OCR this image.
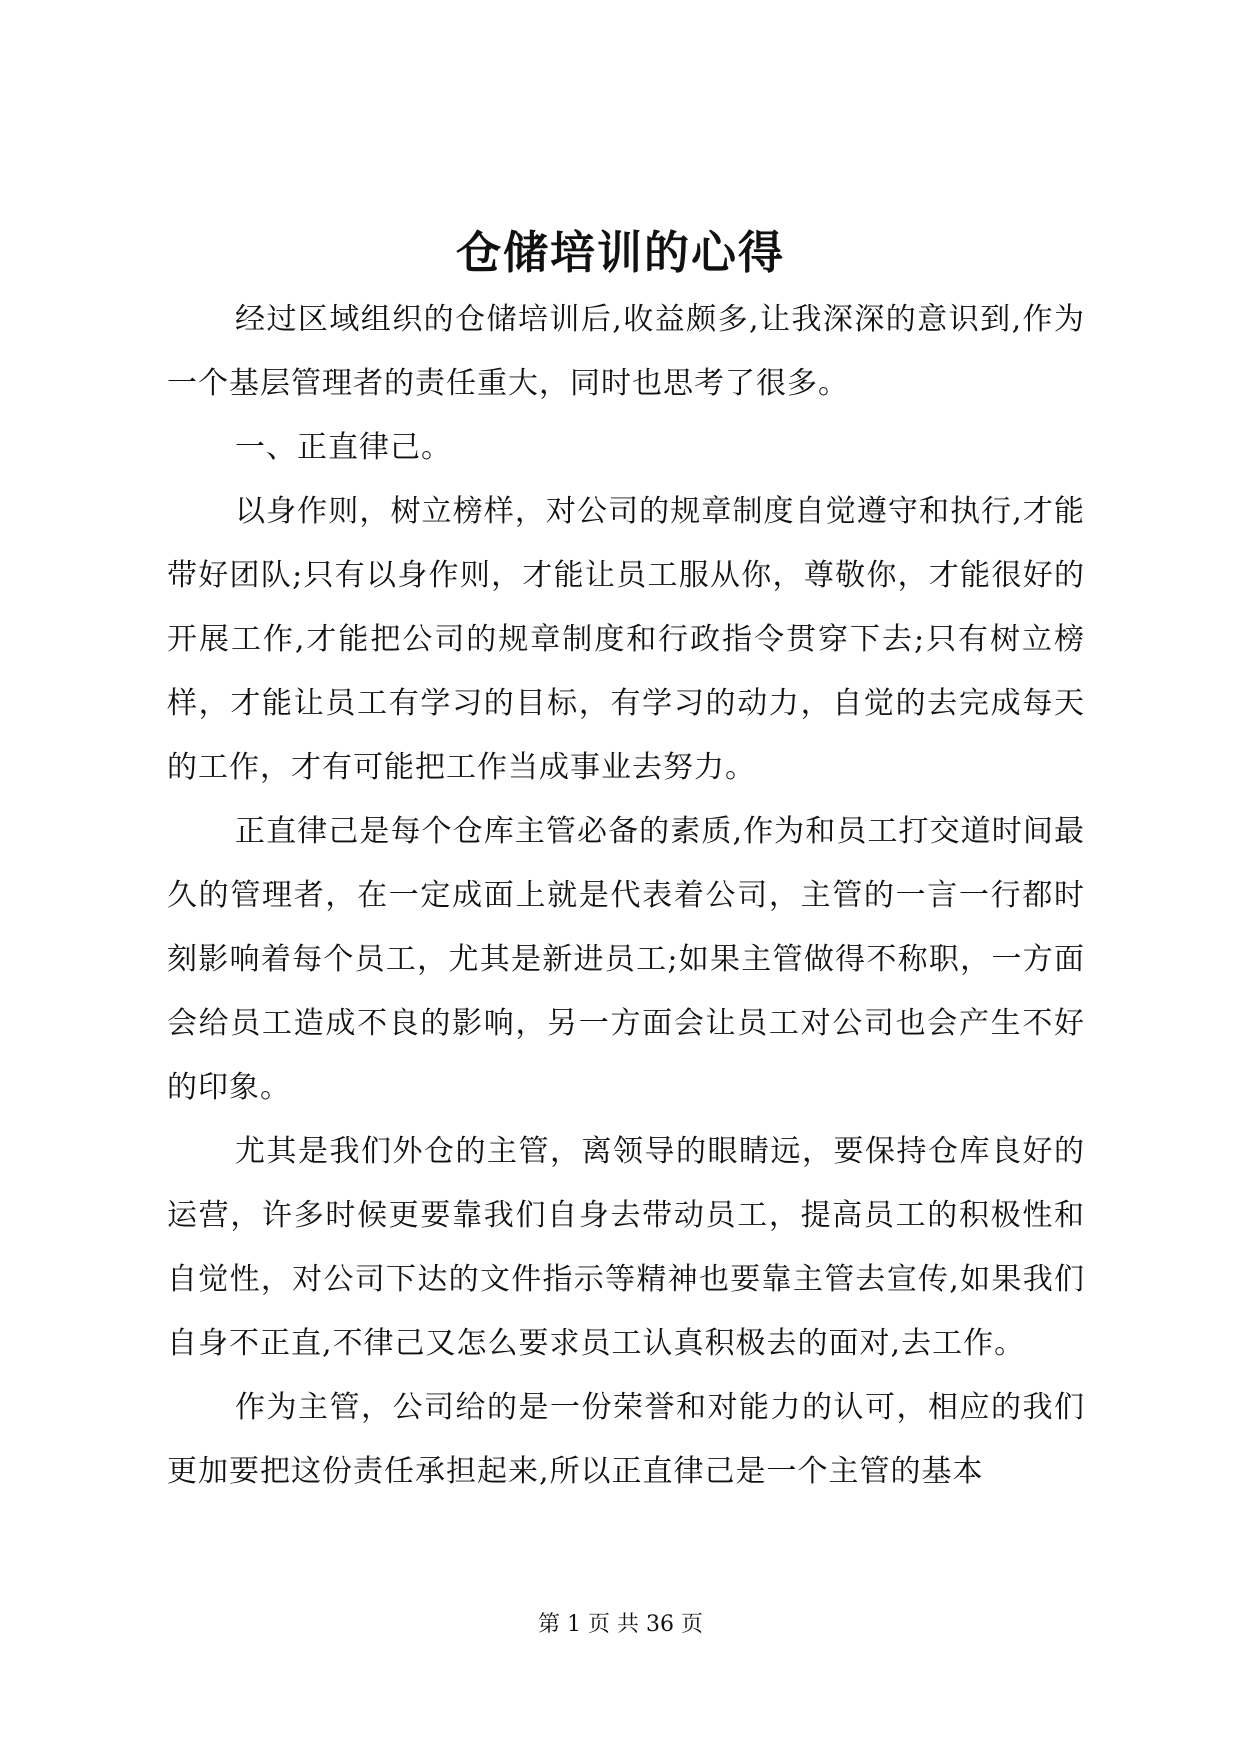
仓储培训的心得

经过区域组织的仓储培训后,收益颇多,让我深深的意识到,作为一个基层管理者的责任重大，同时也思考了很多。

一、正直律己。

以身作则，树立榜样，对公司的规章制度自觉遵守和执行,才能带好团队;只有以身作则，才能让员工服从你，尊敬你，才能很好的开展工作,才能把公司的规章制度和行政指令贯穿下去;只有树立榜样，才能让员工有学习的目标，有学习的动力，自觉的去完成每天的工作，才有可能把工作当成事业去努力。

正直律己是每个仓库主管必备的素质,作为和员工打交道时间最久的管理者，在一定成面上就是代表着公司，主管的一言一行都时刻影响着每个员工，尤其是新进员工;如果主管做得不称职，一方面会给员工造成不良的影响，另一方面会让员工对公司也会产生不好的印象。

尤其是我们外仓的主管，离领导的眼睛远，要保持仓库良好的运营，许多时候更要靠我们自身去带动员工，提高员工的积极性和自觉性，对公司下达的文件指示等精神也要靠主管去宣传,如果我们自身不正直,不律己又怎么要求员工认真积极去的面对,去工作。

作为主管，公司给的是一份荣誉和对能力的认可，相应的我们更加要把这份责任承担起来,所以正直律己是一个主管的基本

第 1 页 共 36 页
